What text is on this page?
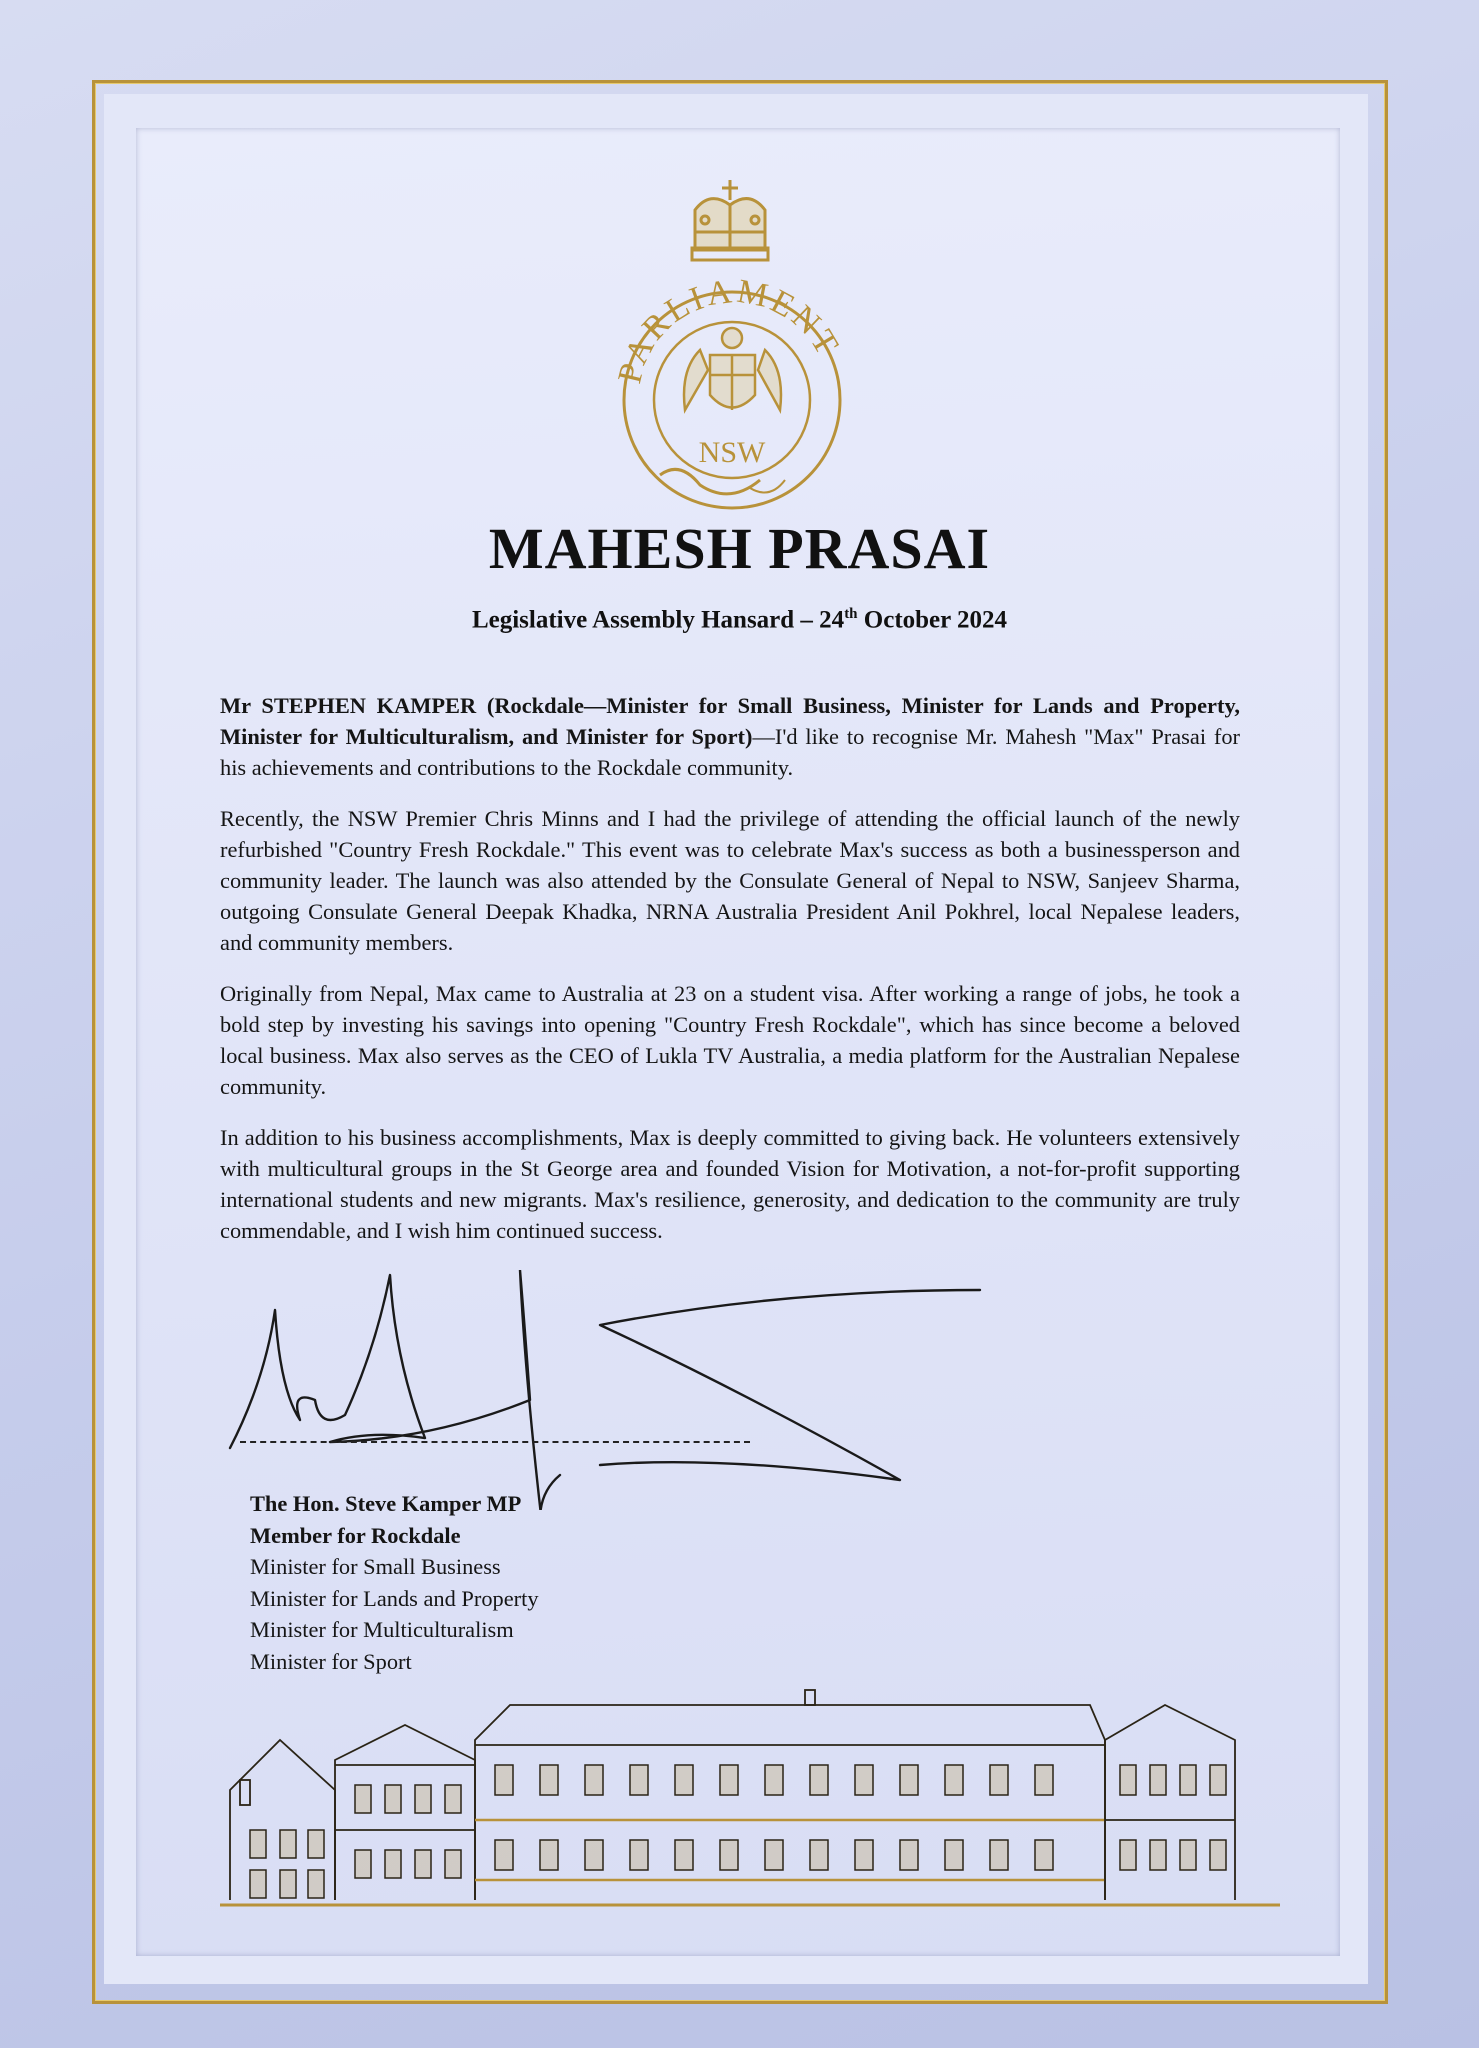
PARLIAMENT
NSW
MAHESH PRASAI
Legislative Assembly Hansard – 24th October 2024

Mr STEPHEN KAMPER (Rockdale—Minister for Small Business, Minister for Lands and Property, Minister for Multiculturalism, and Minister for Sport)—I'd like to recognise Mr. Mahesh "Max" Prasai for his achievements and contributions to the Rockdale community.

Recently, the NSW Premier Chris Minns and I had the privilege of attending the official launch of the newly refurbished "Country Fresh Rockdale." This event was to celebrate Max's success as both a businessperson and community leader. The launch was also attended by the Consulate General of Nepal to NSW, Sanjeev Sharma, outgoing Consulate General Deepak Khadka, NRNA Australia President Anil Pokhrel, local Nepalese leaders, and community members.

Originally from Nepal, Max came to Australia at 23 on a student visa. After working a range of jobs, he took a bold step by investing his savings into opening "Country Fresh Rockdale", which has since become a beloved local business. Max also serves as the CEO of Lukla TV Australia, a media platform for the Australian Nepalese community.

In addition to his business accomplishments, Max is deeply committed to giving back. He volunteers extensively with multicultural groups in the St George area and founded Vision for Motivation, a not-for-profit supporting international students and new migrants. Max's resilience, generosity, and dedication to the community are truly commendable, and I wish him continued success.

The Hon. Steve Kamper MP
Member for Rockdale
Minister for Small Business
Minister for Lands and Property
Minister for Multiculturalism
Minister for Sport
